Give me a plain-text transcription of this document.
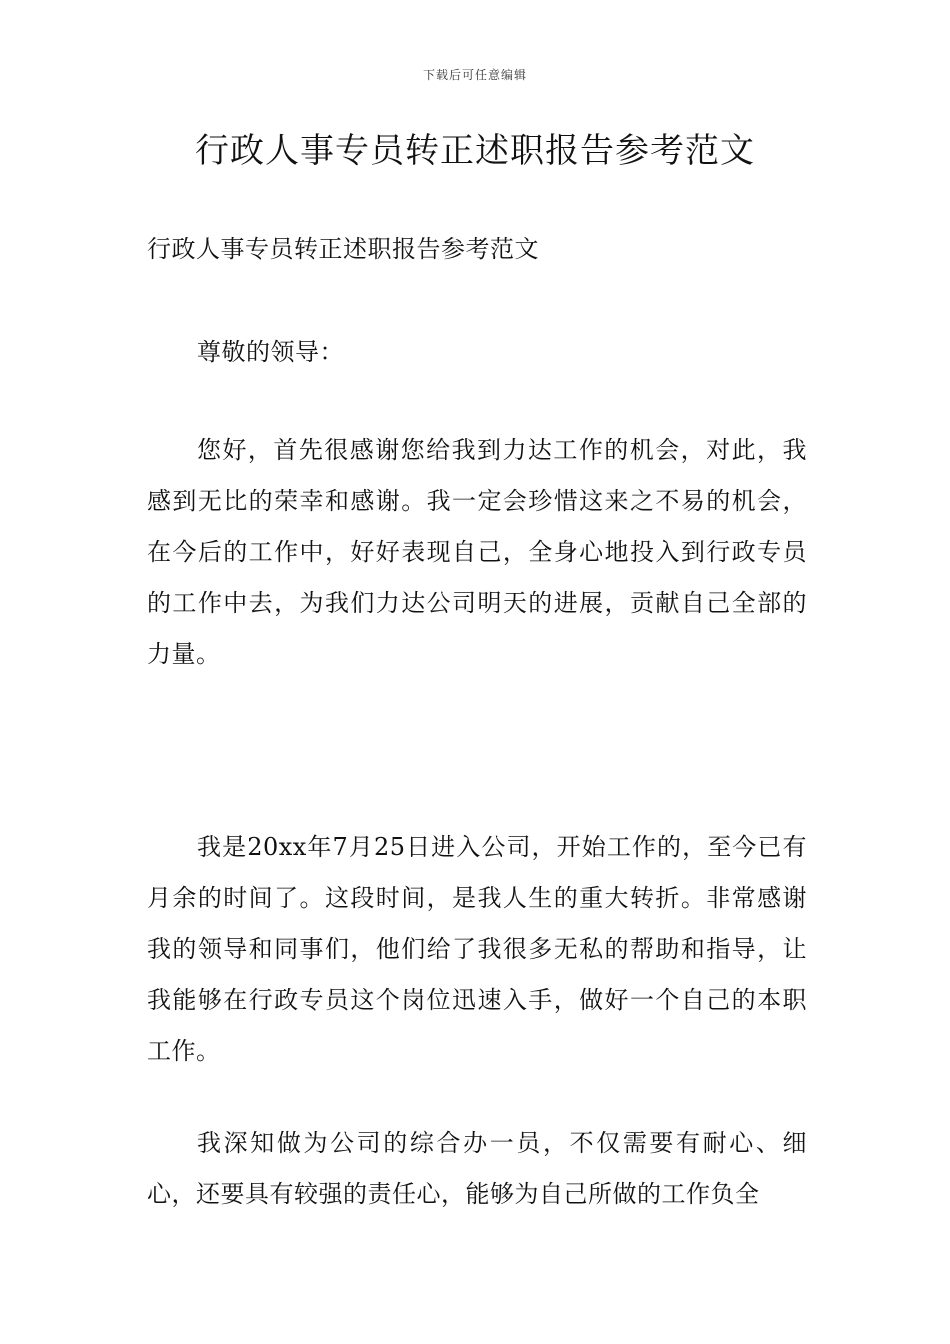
下载后可任意编辑
行政人事专员转正述职报告参考范文

行政人事专员转正述职报告参考范文

尊敬的领导：

您好，首先很感谢您给我到力达工作的机会，对此，我感到无比的荣幸和感谢。我一定会珍惜这来之不易的机会，在今后的工作中，好好表现自己，全身心地投入到行政专员的工作中去，为我们力达公司明天的进展，贡献自己全部的力量。

我是20xx年7月25日进入公司，开始工作的，至今已有月余的时间了。这段时间，是我人生的重大转折。非常感谢我的领导和同事们，他们给了我很多无私的帮助和指导，让我能够在行政专员这个岗位迅速入手，做好一个自己的本职工作。

我深知做为公司的综合办一员，不仅需要有耐心、细心，还要具有较强的责任心，能够为自己所做的工作负全
